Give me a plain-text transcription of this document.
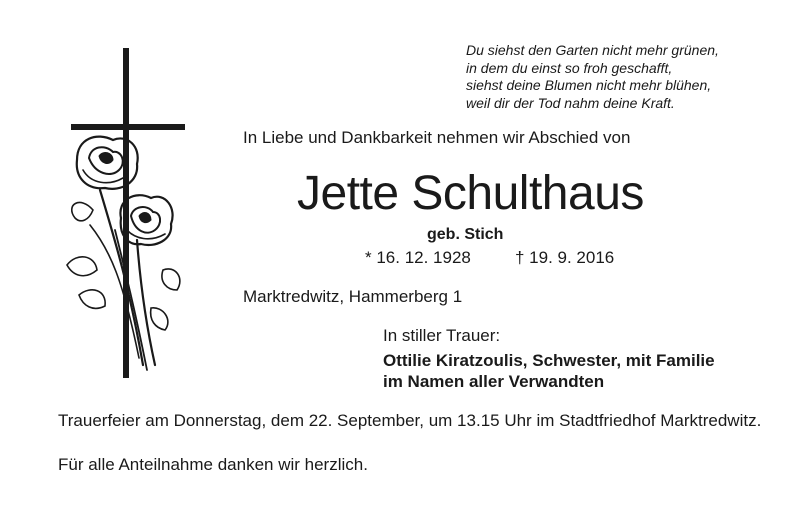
Du siehst den Garten nicht mehr grünen,
in dem du einst so froh geschafft,
siehst deine Blumen nicht mehr blühen,
weil dir der Tod nahm deine Kraft.
In Liebe und Dankbarkeit nehmen wir Abschied von
Jette Schulthaus
geb. Stich
* 16. 12. 1928	† 19. 9. 2016
Marktredwitz, Hammerberg 1
In stiller Trauer:
Ottilie Kiratzoulis, Schwester, mit Familie
im Namen aller Verwandten
Trauerfeier am Donnerstag, dem 22. September, um 13.15 Uhr im Stadtfriedhof Marktredwitz.
Für alle Anteilnahme danken wir herzlich.
